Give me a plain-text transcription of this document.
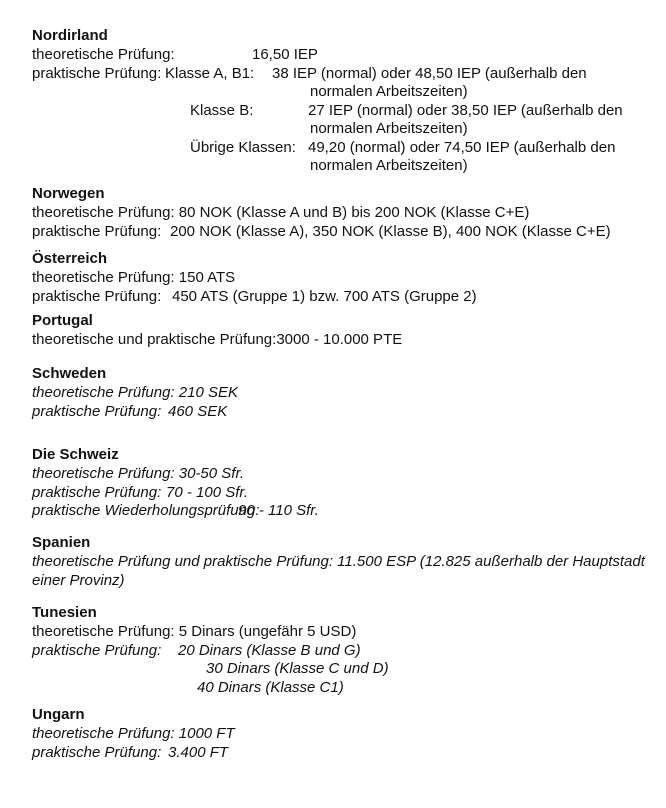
Nordirland
theoretische Prüfung:	16,50 IEP
praktische Prüfung: Klasse A, B1: 38 IEP (normal) oder 48,50 IEP (außerhalb den
normalen Arbeitszeiten)
Klasse B:	27 IEP (normal) oder 38,50 IEP (außerhalb den
normalen Arbeitszeiten)
Übrige Klassen: 49,20 (normal) oder 74,50 IEP (außerhalb den
normalen Arbeitszeiten)
Norwegen
theoretische Prüfung: 80 NOK (Klasse A und B) bis 200 NOK (Klasse C+E)
praktische Prüfung: 200 NOK (Klasse A), 350 NOK (Klasse B), 400 NOK (Klasse C+E)
Österreich
theoretische Prüfung: 150 ATS
praktische Prüfung: 450 ATS (Gruppe 1) bzw. 700 ATS (Gruppe 2)
Portugal
theoretische und praktische Prüfung:3000 - 10.000 PTE
Schweden
theoretische Prüfung: 210 SEK
praktische Prüfung: 460 SEK
Die Schweiz
theoretische Prüfung: 30-50 Sfr.
praktische Prüfung: 70 - 100 Sfr.
praktische Wiederholungsprüfung:
90 - 110 Sfr.
Spanien
theoretische Prüfung und praktische Prüfung: 11.500 ESP (12.825 außerhalb der Hauptstadt
einer Provinz)
Tunesien
theoretische Prüfung: 5 Dinars (ungefähr 5 USD)
praktische Prüfung: 20 Dinars (Klasse B und G)
30 Dinars (Klasse C und D)
40 Dinars (Klasse C1)
Ungarn
theoretische Prüfung: 1000 FT
praktische Prüfung: 3.400 FT
